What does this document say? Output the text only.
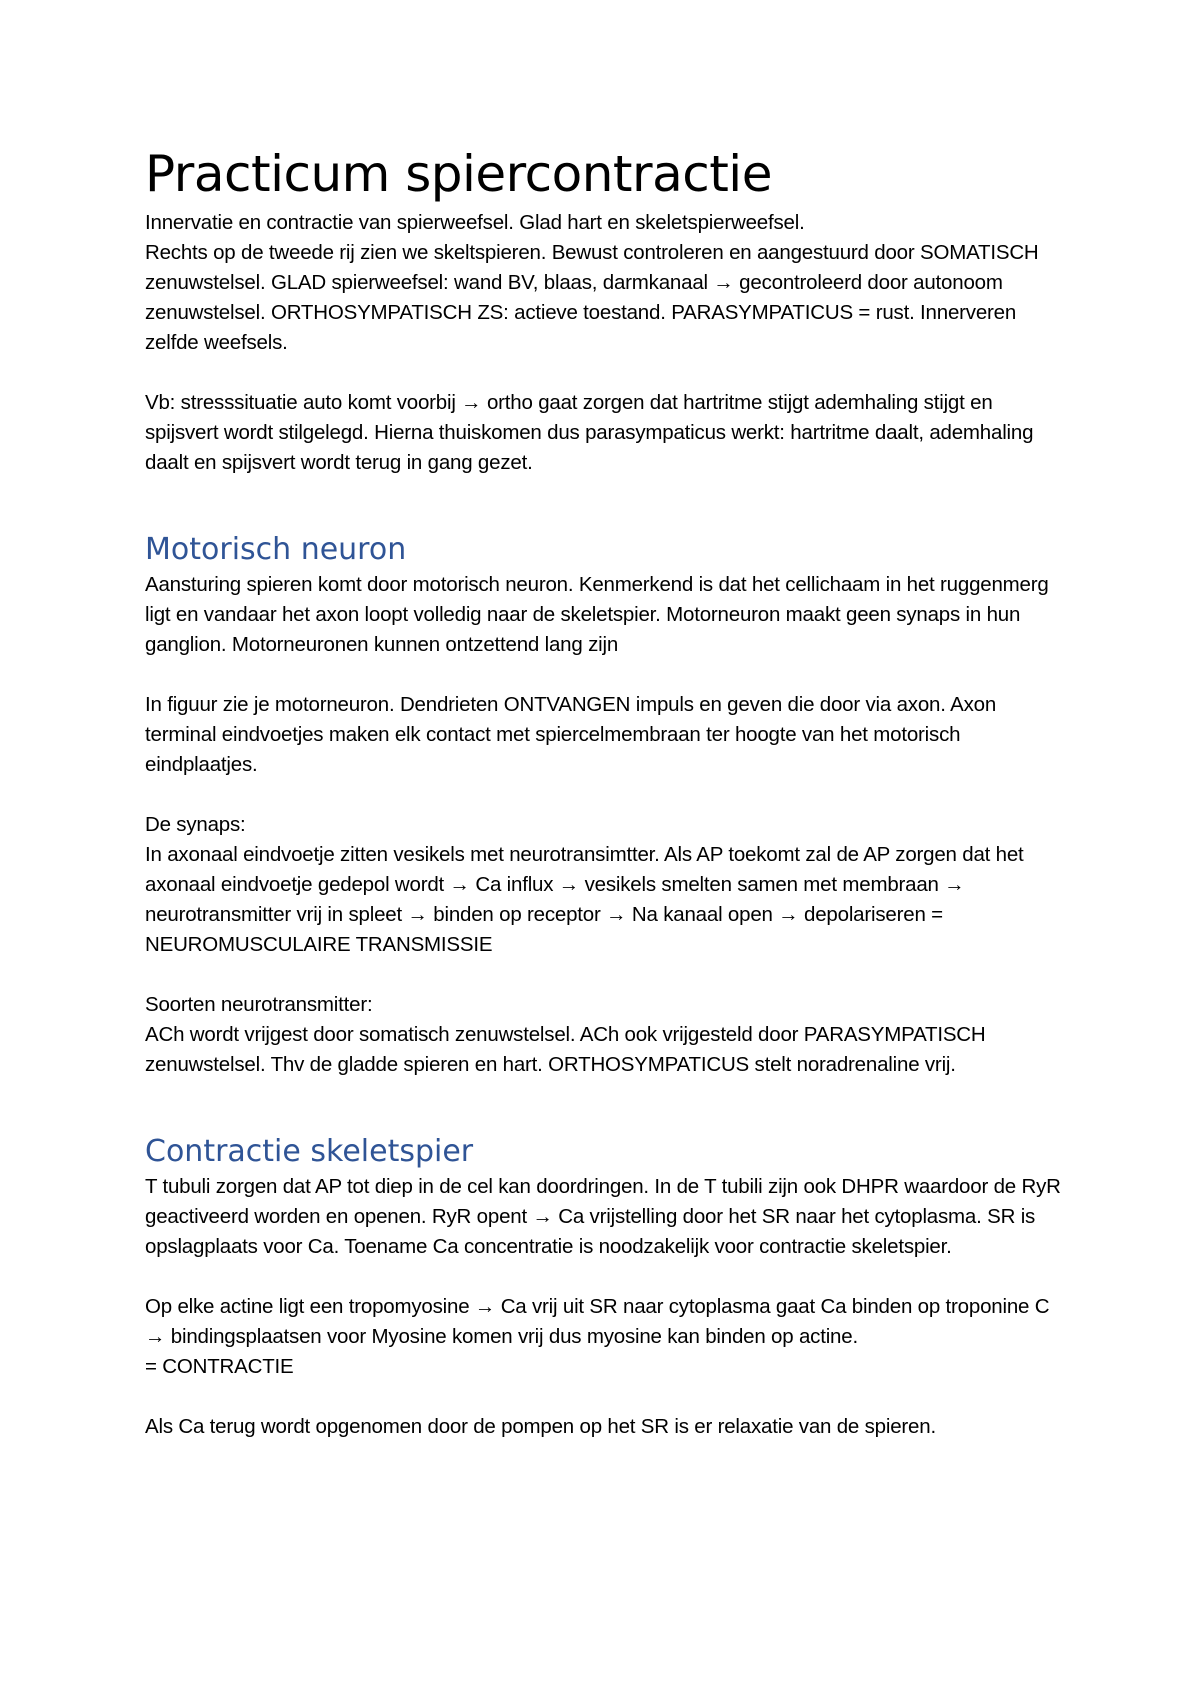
Practicum spiercontractie

Innervatie en contractie van spierweefsel. Glad hart en skeletspierweefsel.

Rechts op de tweede rij zien we skeltspieren. Bewust controleren en aangestuurd door SOMATISCH zenuwstelsel. GLAD spierweefsel: wand BV, blaas, darmkanaal → gecontroleerd door autonoom zenuwstelsel. ORTHOSYMPATISCH ZS: actieve toestand. PARASYMPATICUS = rust. Innerveren zelfde weefsels.

Vb: stresssituatie auto komt voorbij → ortho gaat zorgen dat hartritme stijgt ademhaling stijgt en spijsvert wordt stilgelegd. Hierna thuiskomen dus parasympaticus werkt: hartritme daalt, ademhaling daalt en spijsvert wordt terug in gang gezet.

Motorisch neuron

Aansturing spieren komt door motorisch neuron. Kenmerkend is dat het cellichaam in het ruggenmerg ligt en vandaar het axon loopt volledig naar de skeletspier. Motorneuron maakt geen synaps in hun ganglion. Motorneuronen kunnen ontzettend lang zijn

In figuur zie je motorneuron. Dendrieten ONTVANGEN impuls en geven die door via axon. Axon terminal eindvoetjes maken elk contact met spiercelmembraan ter hoogte van het motorisch eindplaatjes.

De synaps:

In axonaal eindvoetje zitten vesikels met neurotransimtter. Als AP toekomt zal de AP zorgen dat het axonaal eindvoetje gedepol wordt → Ca influx → vesikels smelten samen met membraan → neurotransmitter vrij in spleet → binden op receptor → Na kanaal open → depolariseren = NEUROMUSCULAIRE TRANSMISSIE

Soorten neurotransmitter:

ACh wordt vrijgest door somatisch zenuwstelsel. ACh ook vrijgesteld door PARASYMPATISCH zenuwstelsel. Thv de gladde spieren en hart. ORTHOSYMPATICUS stelt noradrenaline vrij.

Contractie skeletspier

T tubuli zorgen dat AP tot diep in de cel kan doordringen. In de T tubili zijn ook DHPR waardoor de RyR geactiveerd worden en openen. RyR opent → Ca vrijstelling door het SR naar het cytoplasma. SR is opslagplaats voor Ca. Toename Ca concentratie is noodzakelijk voor contractie skeletspier.

Op elke actine ligt een tropomyosine → Ca vrij uit SR naar cytoplasma gaat Ca binden op troponine C → bindingsplaatsen voor Myosine komen vrij dus myosine kan binden op actine.

= CONTRACTIE

Als Ca terug wordt opgenomen door de pompen op het SR is er relaxatie van de spieren.
